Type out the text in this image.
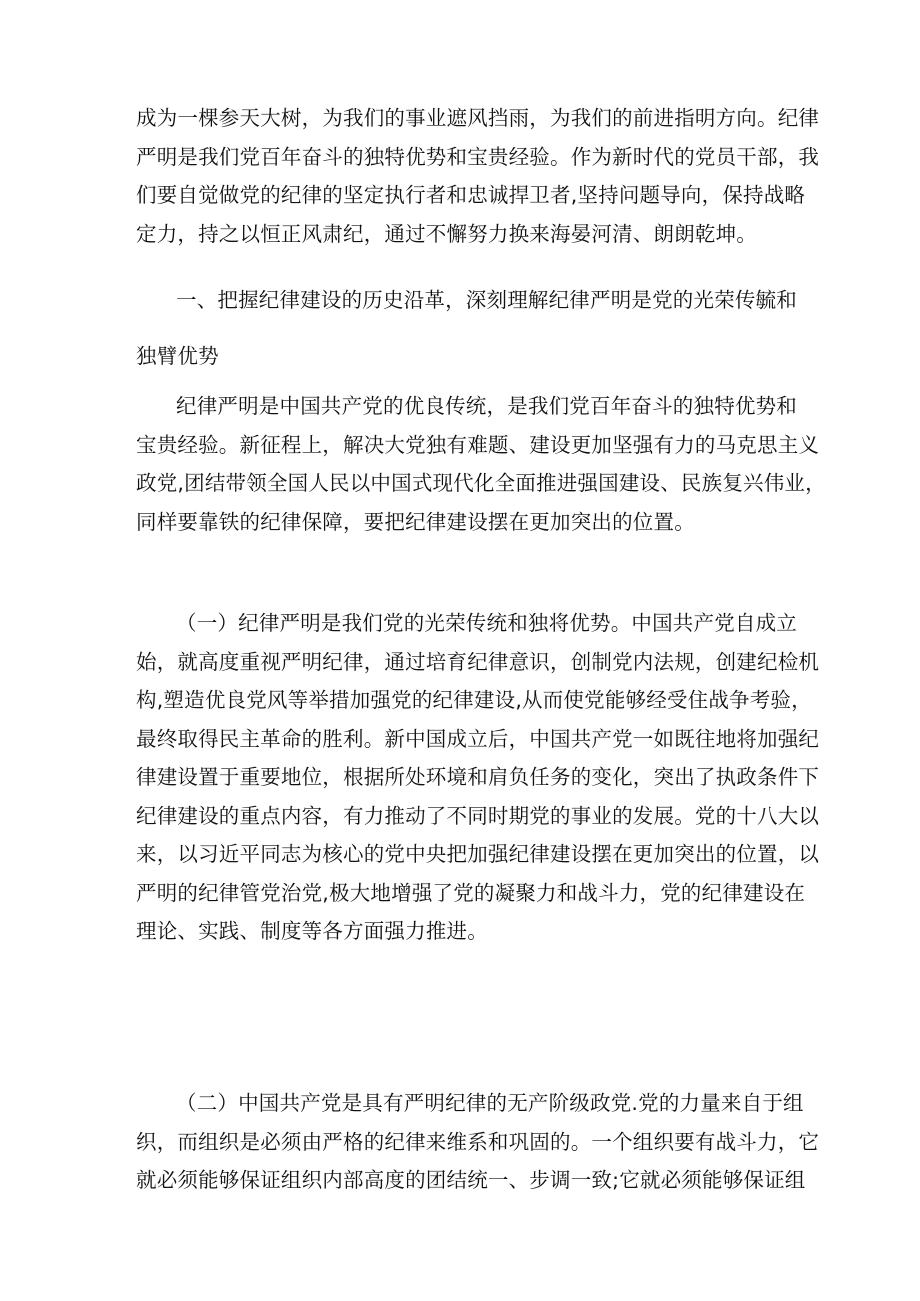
成为一棵参天大树，为我们的事业遮风挡雨，为我们的前进指明方向。纪律
严明是我们党百年奋斗的独特优势和宝贵经验。作为新时代的党员干部，我
们要自觉做党的纪律的坚定执行者和忠诚捍卫者,坚持问题导向，保持战略
定力，持之以恒正风肃纪，通过不懈努力换来海晏河清、朗朗乾坤。

一、把握纪律建设的历史沿革，深刻理解纪律严明是党的光荣传毓和
独臂优势

纪律严明是中国共产党的优良传统，是我们党百年奋斗的独特优势和
宝贵经验。新征程上，解决大党独有难题、建设更加坚强有力的马克思主义
政党,团结带领全国人民以中国式现代化全面推进强国建设、民族复兴伟业，
同样要靠铁的纪律保障，要把纪律建设摆在更加突出的位置。

（一）纪律严明是我们党的光荣传统和独将优势。中国共产党自成立
始，就高度重视严明纪律，通过培育纪律意识，创制党内法规，创建纪检机
构,塑造优良党风等举措加强党的纪律建设,从而使党能够经受住战争考验，
最终取得民主革命的胜利。新中国成立后，中国共产党一如既往地将加强纪
律建设置于重要地位，根据所处环境和肩负任务的变化，突出了执政条件下
纪律建设的重点内容，有力推动了不同时期党的事业的发展。党的十八大以
来，以习近平同志为核心的党中央把加强纪律建设摆在更加突出的位置，以
严明的纪律管党治党,极大地增强了党的凝聚力和战斗力，党的纪律建设在
理论、实践、制度等各方面强力推进。

（二）中国共产党是具有严明纪律的无产阶级政党.党的力量来自于组
织，而组织是必须由严格的纪律来维系和巩固的。一个组织要有战斗力，它
就必须能够保证组织内部高度的团结统一、步调一致;它就必须能够保证组
